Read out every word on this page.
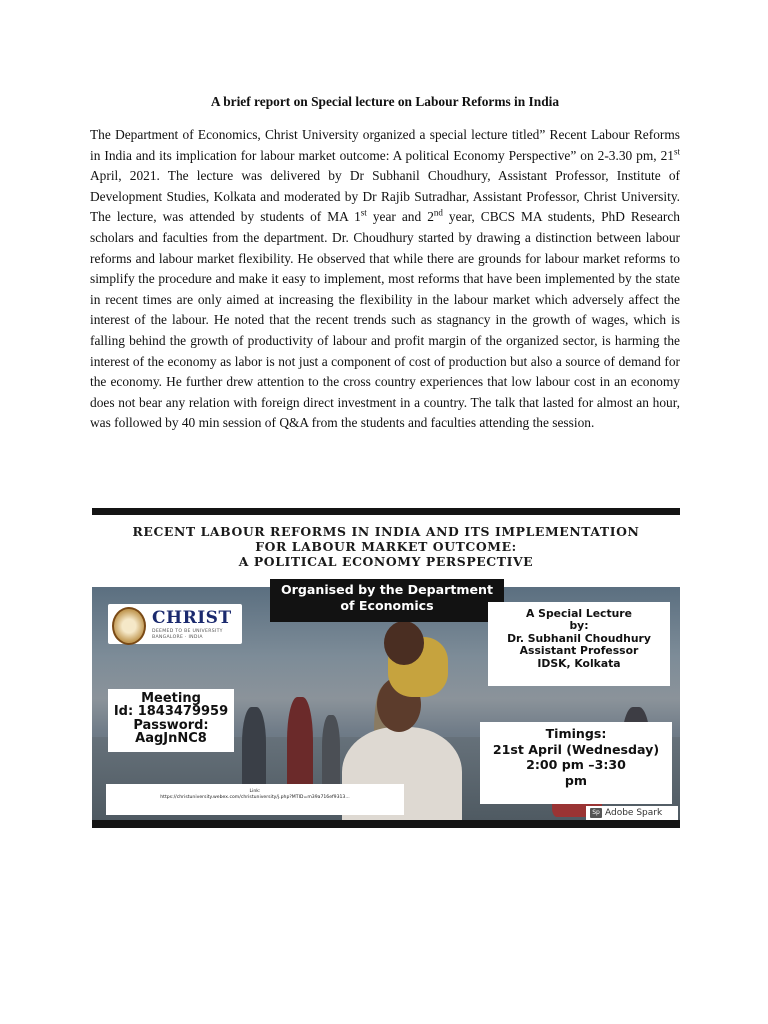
A brief report on Special lecture on Labour Reforms in India

The Department of Economics, Christ University organized a special lecture titled” Recent Labour Reforms in India and its implication for labour market outcome: A political Economy Perspective” on 2-3.30 pm, 21st April, 2021. The lecture was delivered by Dr Subhanil Choudhury, Assistant Professor, Institute of Development Studies, Kolkata and moderated by Dr Rajib Sutradhar, Assistant Professor, Christ University. The lecture, was attended by students of MA 1st year and 2nd year, CBCS MA students, PhD Research scholars and faculties from the department. Dr. Choudhury started by drawing a distinction between labour reforms and labour market flexibility. He observed that while there are grounds for labour market reforms to simplify the procedure and make it easy to implement, most reforms that have been implemented by the state in recent times are only aimed at increasing the flexibility in the labour market which adversely affect the interest of the labour. He noted that the recent trends such as stagnancy in the growth of wages, which is falling behind the growth of productivity of labour and profit margin of the organized sector, is harming the interest of the economy as labor is not just a component of cost of production but also a source of demand for the economy. He further drew attention to the cross country experiences that low labour cost in an economy does not bear any relation with foreign direct investment in a country. The talk that lasted for almost an hour, was followed by 40 min session of Q&A from the students and faculties attending the session.

RECENT LABOUR REFORMS IN INDIA AND ITS IMPLEMENTATION
FOR LABOUR MARKET OUTCOME:
A POLITICAL ECONOMY PERSPECTIVE
Organised by the Department
of Economics
CHRIST
DEEMED TO BE UNIVERSITY
BANGALORE · INDIA
A Special Lecture
by:
Dr. Subhanil Choudhury
Assistant Professor
IDSK, Kolkata
Meeting
Id: 1843479959
Password:
AagJnNC8	Timings:
21st April (Wednesday)
2:00 pm –3:30
pm
Link:
https://christuniversity.webex.com/christuniversity/j.php?MTID=m39a716ef9313...
Sp Adobe Spark
